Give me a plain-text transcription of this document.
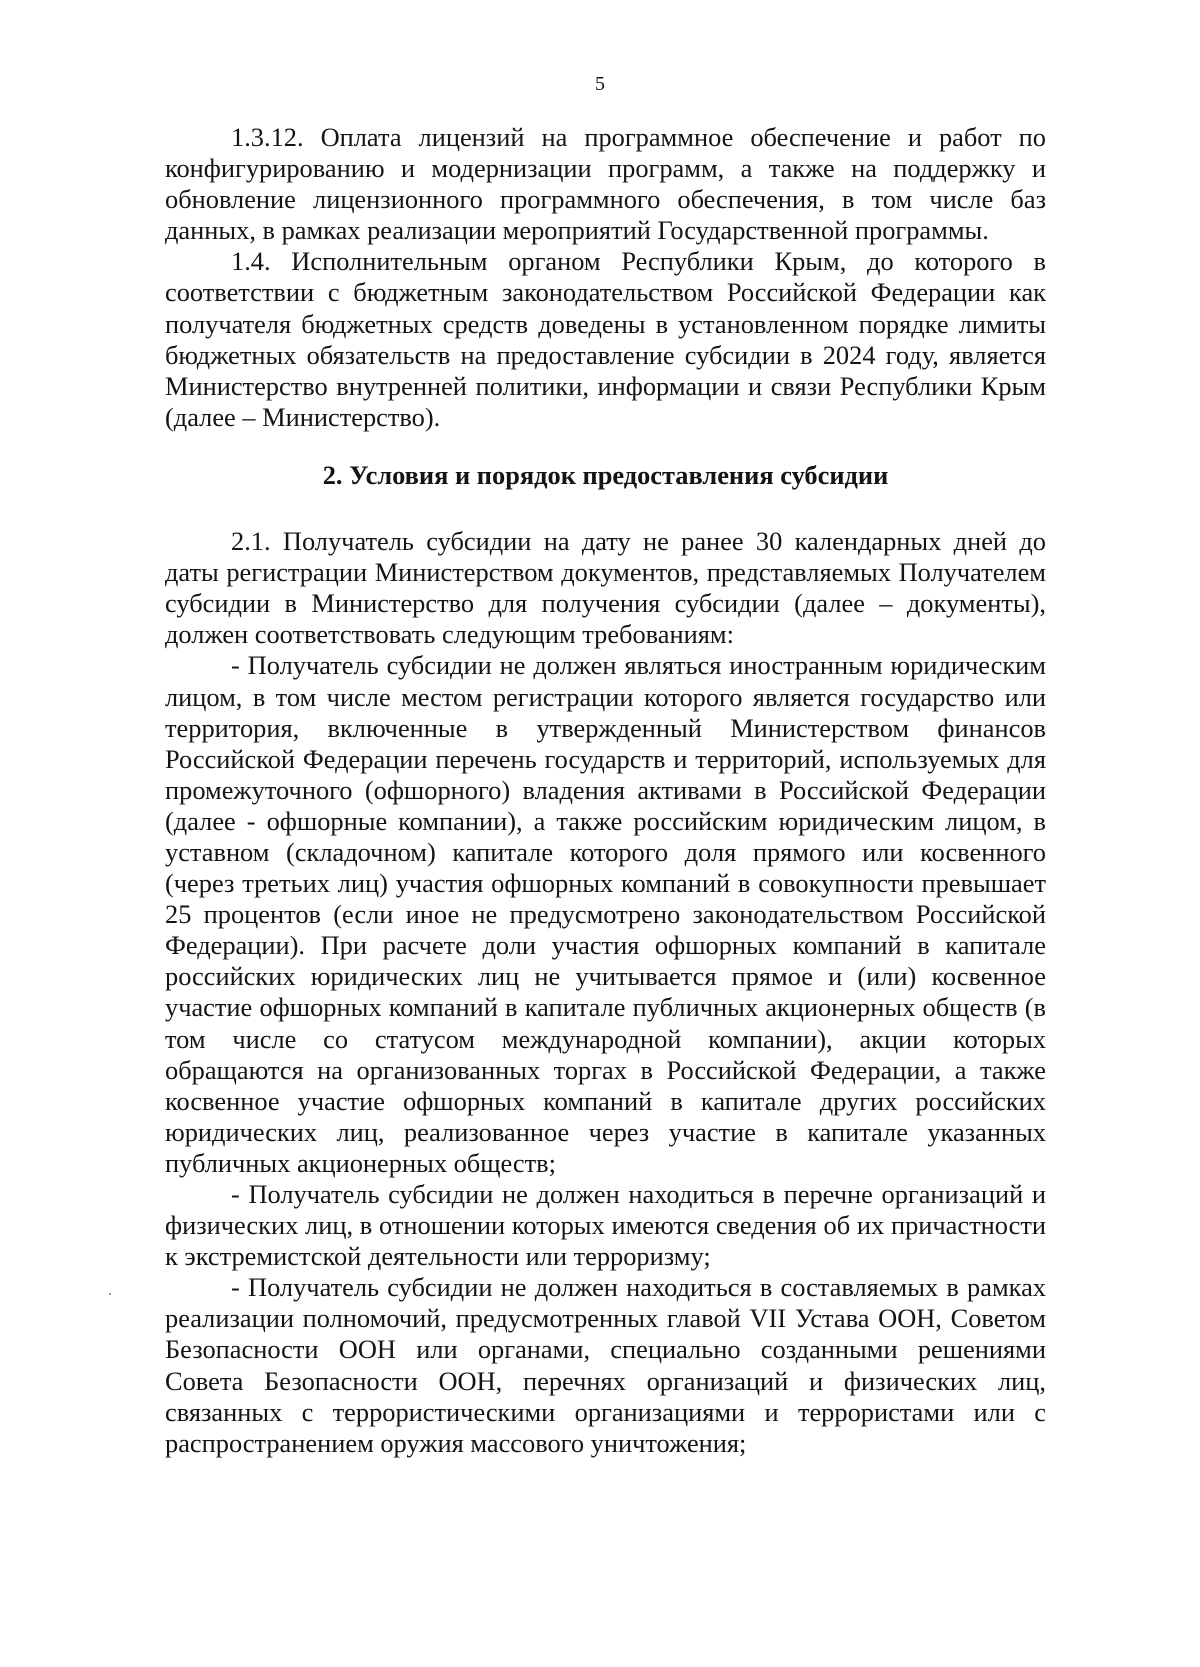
5

1.3.12. Оплата лицензий на программное обеспечение и работ по конфигурированию и модернизации программ, а также на поддержку и обновление лицензионного программного обеспечения, в том числе баз данных, в рамках реализации мероприятий Государственной программы.

1.4. Исполнительным органом Республики Крым, до которого в соответствии с бюджетным законодательством Российской Федерации как получателя бюджетных средств доведены в установленном порядке лимиты бюджетных обязательств на предоставление субсидии в 2024 году, является Министерство внутренней политики, информации и связи Республики Крым (далее – Министерство).

2. Условия и порядок предоставления субсидии

2.1. Получатель субсидии на дату не ранее 30 календарных дней до даты регистрации Министерством документов, представляемых Получателем субсидии в Министерство для получения субсидии (далее – документы), должен соответствовать следующим требованиям:

- Получатель субсидии не должен являться иностранным юридическим лицом, в том числе местом регистрации которого является государство или территория, включенные в утвержденный Министерством финансов Российской Федерации перечень государств и территорий, используемых для промежуточного (офшорного) владения активами в Российской Федерации (далее - офшорные компании), а также российским юридическим лицом, в уставном (складочном) капитале которого доля прямого или косвенного (через третьих лиц) участия офшорных компаний в совокупности превышает 25 процентов (если иное не предусмотрено законодательством Российской Федерации). При расчете доли участия офшорных компаний в капитале российских юридических лиц не учитывается прямое и (или) косвенное участие офшорных компаний в капитале публичных акционерных обществ (в том числе со статусом международной компании), акции которых обращаются на организованных торгах в Российской Федерации, а также косвенное участие офшорных компаний в капитале других российских юридических лиц, реализованное через участие в капитале указанных публичных акционерных обществ;

- Получатель субсидии не должен находиться в перечне организаций и физических лиц, в отношении которых имеются сведения об их причастности к экстремистской деятельности или терроризму;

- Получатель субсидии не должен находиться в составляемых в рамках реализации полномочий, предусмотренных главой VII Устава ООН, Советом Безопасности ООН или органами, специально созданными решениями Совета Безопасности ООН, перечнях организаций и физических лиц, связанных с террористическими организациями и террористами или с распространением оружия массового уничтожения;
